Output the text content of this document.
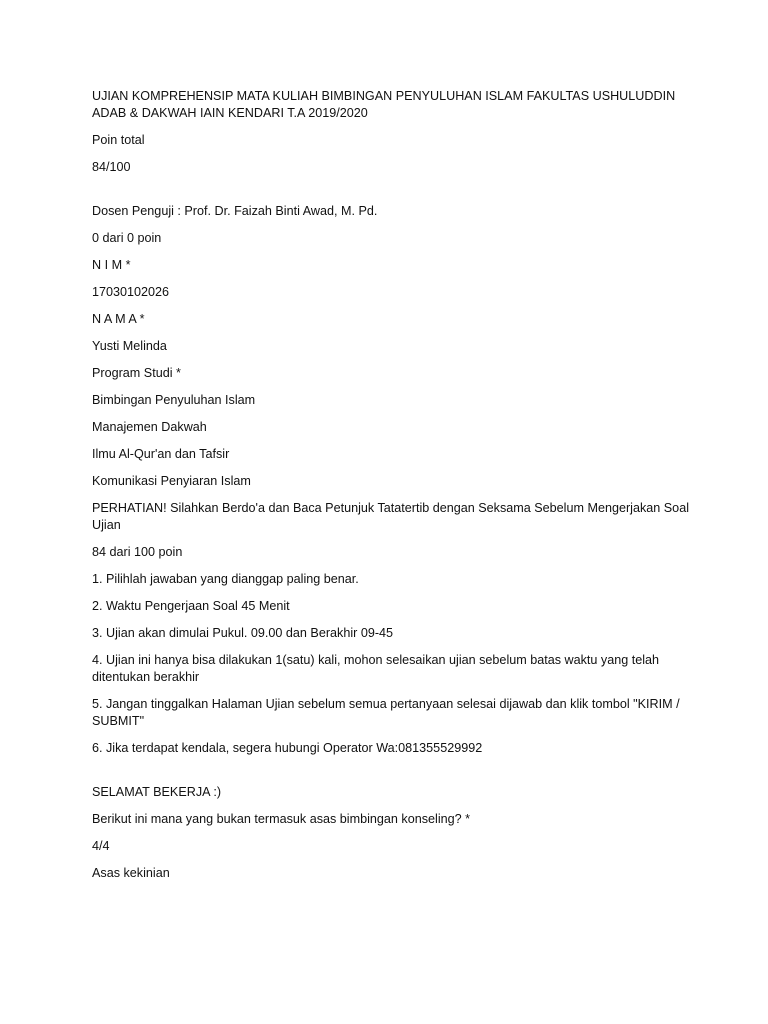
UJIAN KOMPREHENSIP MATA KULIAH BIMBINGAN PENYULUHAN ISLAM FAKULTAS USHULUDDIN ADAB & DAKWAH IAIN KENDARI T.A 2019/2020

Poin total

84/100

Dosen Penguji : Prof. Dr. Faizah Binti Awad, M. Pd.

0 dari 0 poin

N I M *

17030102026

N A M A *

Yusti Melinda

Program Studi *

Bimbingan Penyuluhan Islam

Manajemen Dakwah

Ilmu Al-Qur'an dan Tafsir

Komunikasi Penyiaran Islam

PERHATIAN! Silahkan Berdo'a dan Baca Petunjuk Tatatertib dengan Seksama Sebelum Mengerjakan Soal Ujian

84 dari 100 poin

1. Pilihlah jawaban yang dianggap paling benar.

2. Waktu Pengerjaan Soal 45 Menit

3. Ujian akan dimulai Pukul. 09.00 dan Berakhir 09-45

4. Ujian ini hanya bisa dilakukan 1(satu) kali, mohon selesaikan ujian sebelum batas waktu yang telah ditentukan berakhir

5. Jangan tinggalkan Halaman Ujian sebelum semua pertanyaan selesai dijawab dan klik tombol "KIRIM / SUBMIT"

6. Jika terdapat kendala, segera hubungi Operator Wa:081355529992

SELAMAT BEKERJA :)

Berikut ini mana yang bukan termasuk asas bimbingan konseling? *

4/4

Asas kekinian
